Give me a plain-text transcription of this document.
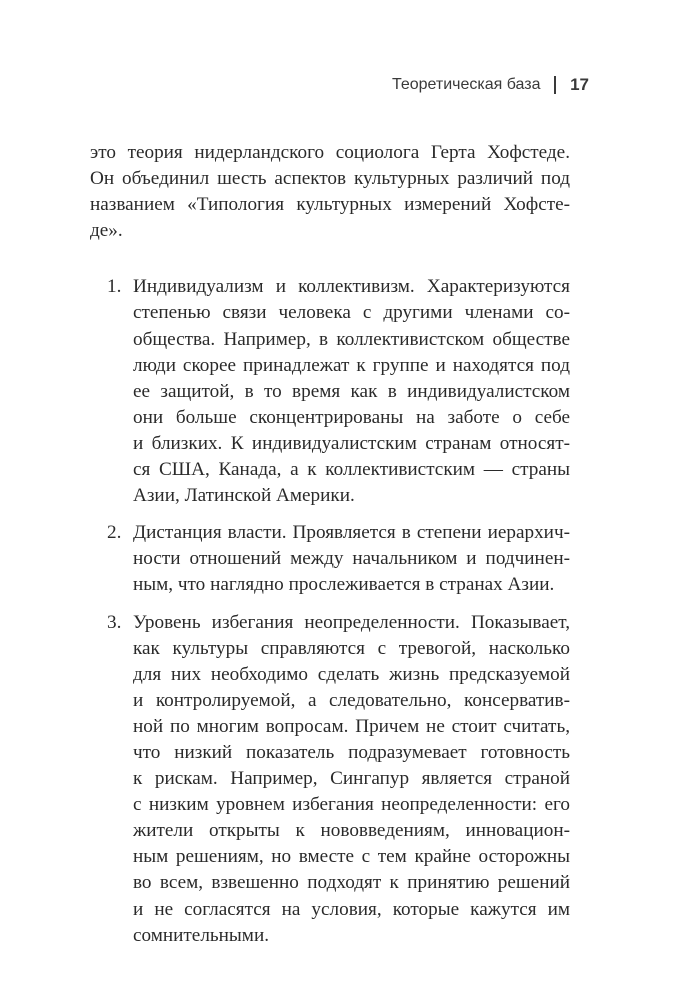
Теоретическая база 17
это теория нидерландского социолога Герта Хофстеде.
Он объединил шесть аспектов культурных различий под
названием «Типология культурных измерений Хофсте-
де».
1. Индивидуализм и коллективизм. Характеризуются
степенью связи человека с другими членами со-
общества. Например, в коллективистском обществе
люди скорее принадлежат к группе и находятся под
ее защитой, в то время как в индивидуалистском
они больше сконцентрированы на заботе о себе
и близких. К индивидуалистским странам относят-
ся США, Канада, а к коллективистским — страны
Азии, Латинской Америки.
2. Дистанция власти. Проявляется в степени иерархич-
ности отношений между начальником и подчинен-
ным, что наглядно прослеживается в странах Азии.
3. Уровень избегания неопределенности. Показывает,
как культуры справляются с тревогой, насколько
для них необходимо сделать жизнь предсказуемой
и контролируемой, а следовательно, консерватив-
ной по многим вопросам. Причем не стоит считать,
что низкий показатель подразумевает готовность
к рискам. Например, Сингапур является страной
с низким уровнем избегания неопределенности: его
жители открыты к нововведениям, инновацион-
ным решениям, но вместе с тем крайне осторожны
во всем, взвешенно подходят к принятию решений
и не согласятся на условия, которые кажутся им
сомнительными.
